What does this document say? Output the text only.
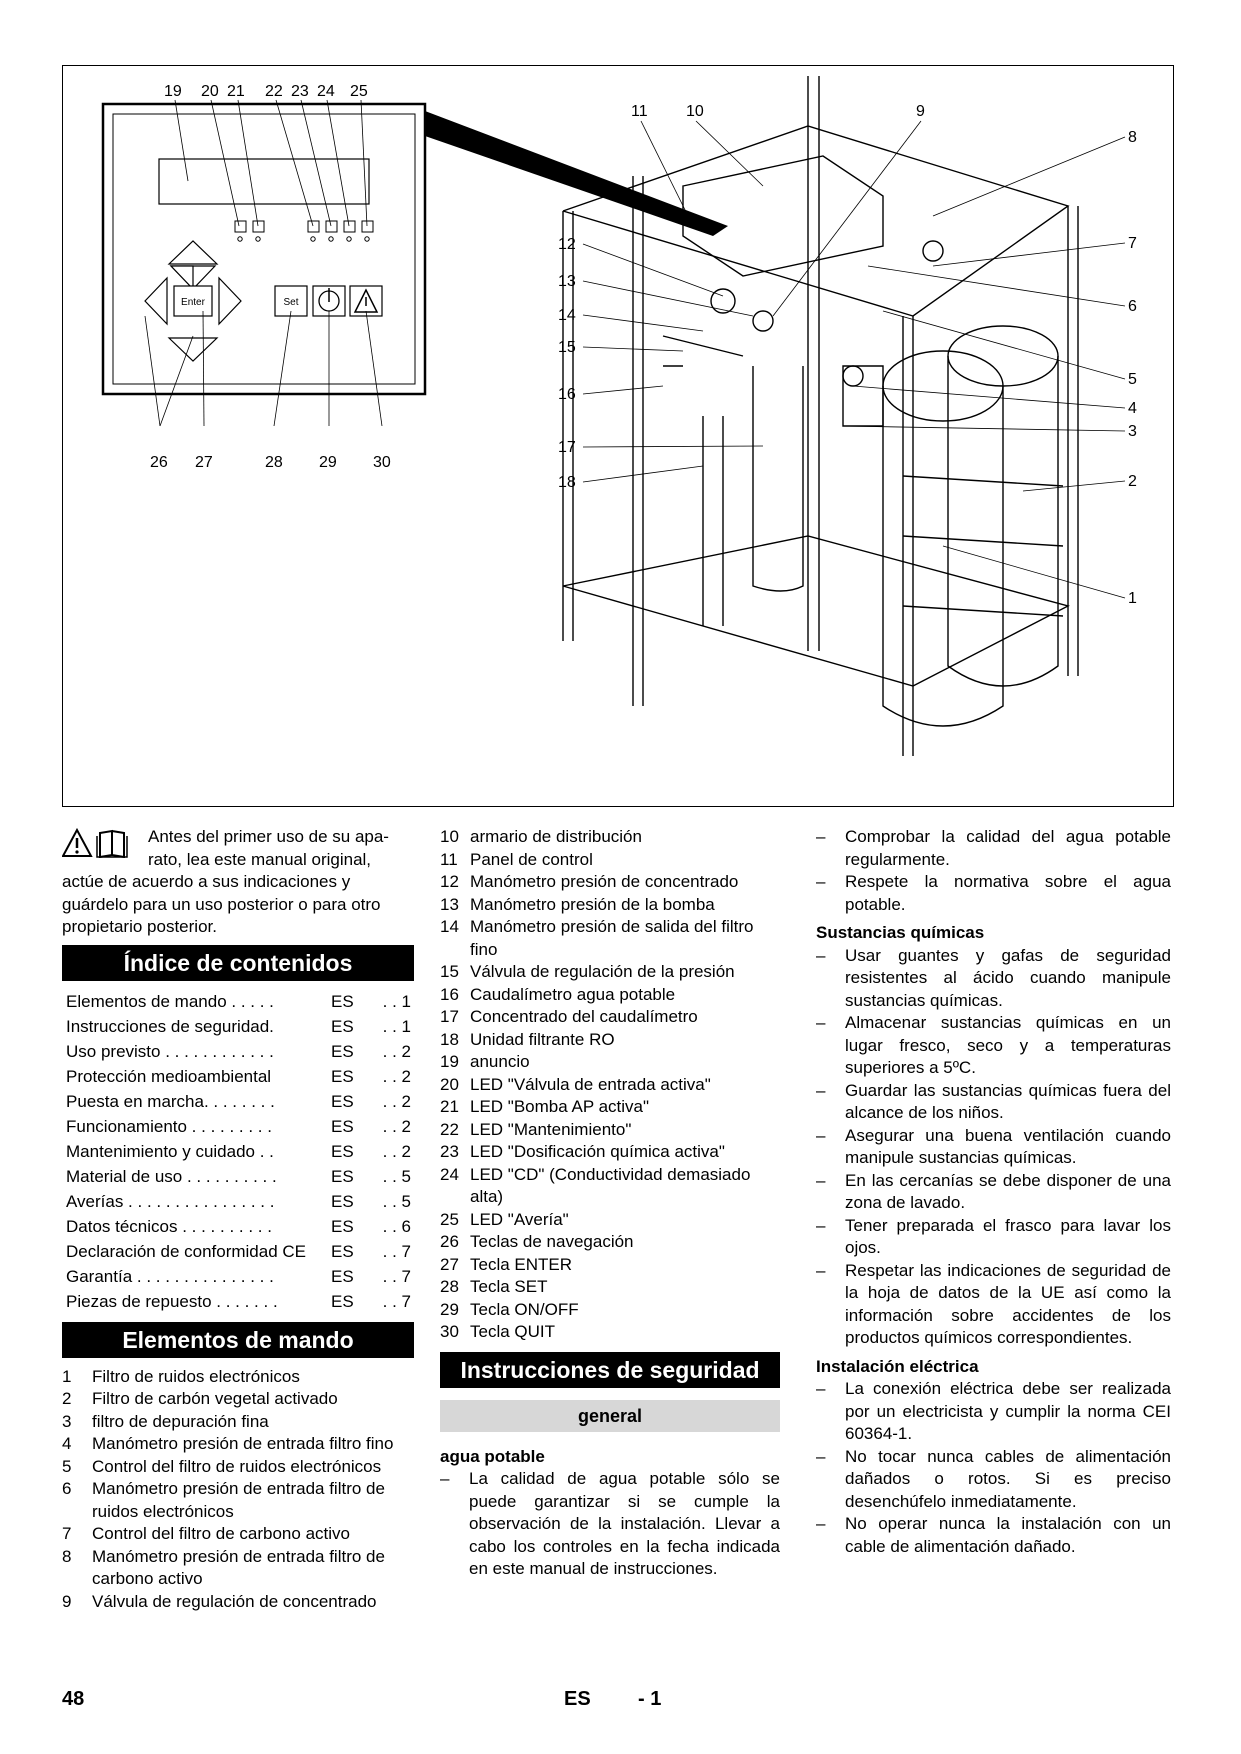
Enter	Set
19 20 21 22 23 24 25
26 27	28 29 30
1
2
3
4
5
6
7
8
9
10
11
12
13
14
15
16
17
18
Antes del primer uso de su apa-
rato, lea este manual original,
actúe de acuerdo a sus indicaciones y
guárdelo para un uso posterior o para otro
propietario posterior.
Índice de contenidos
Elementos de mando . . . . .	ES	. . 1
Instrucciones de seguridad.	ES	. . 1
Uso previsto . . . . . . . . . . . .	ES	. . 2
Protección medioambiental	ES	. . 2
Puesta en marcha. . . . . . . .	ES	. . 2
Funcionamiento . . . . . . . . .	ES	. . 2
Mantenimiento y cuidado . .	ES	. . 2
Material de uso . . . . . . . . . .	ES	. . 5
Averías . . . . . . . . . . . . . . . .	ES	. . 5
Datos técnicos . . . . . . . . . .	ES	. . 6
Declaración de conformidad CE	ES	. . 7
Garantía . . . . . . . . . . . . . . .	ES	. . 7
Piezas de repuesto . . . . . . .	ES	. . 7
Elementos de mando
1	Filtro de ruidos electrónicos
2	Filtro de carbón vegetal activado
3	filtro de depuración fina
4	Manómetro presión de entrada filtro fino
5	Control del filtro de ruidos electrónicos
6	Manómetro presión de entrada filtro de ruidos electrónicos
7	Control del filtro de carbono activo
8	Manómetro presión de entrada filtro de carbono activo
9	Válvula de regulación de concentrado
10 armario de distribución
11 Panel de control
12 Manómetro presión de concentrado
13 Manómetro presión de la bomba
14 Manómetro presión de salida del filtro fino
15 Válvula de regulación de la presión
16 Caudalímetro agua potable
17 Concentrado del caudalímetro
18 Unidad filtrante RO
19 anuncio
20 LED "Válvula de entrada activa"
21 LED "Bomba AP activa"
22 LED "Mantenimiento"
23 LED "Dosificación química activa"
24 LED "CD" (Conductividad demasiado alta)
25 LED "Avería"
26 Teclas de navegación
27 Tecla ENTER
28 Tecla SET
29 Tecla ON/OFF
30 Tecla QUIT
Instrucciones de seguridad
general
agua potable
–	La calidad de agua potable sólo se puede garantizar si se cumple la observación de la instalación. Llevar a cabo los controles en la fecha indicada en este manual de instrucciones.
–	Comprobar la calidad del agua potable regularmente.
–	Respete la normativa sobre el agua potable.
Sustancias químicas
–	Usar guantes y gafas de seguridad resistentes al ácido cuando manipule sustancias químicas.
–	Almacenar sustancias químicas en un lugar fresco, seco y a temperaturas superiores a 5ºC.
–	Guardar las sustancias químicas fuera del alcance de los niños.
–	Asegurar una buena ventilación cuando manipule sustancias químicas.
–	En las cercanías se debe disponer de una zona de lavado.
–	Tener preparada el frasco para lavar los ojos.
–	Respetar las indicaciones de seguridad de la hoja de datos de la UE así como la información sobre accidentes de los productos químicos correspondientes.
Instalación eléctrica
–	La conexión eléctrica debe ser realizada por un electricista y cumplir la norma CEI 60364-1.
–	No tocar nunca cables de alimentación dañados o rotos. Si es preciso desenchúfelo inmediatamente.
–	No operar nunca la instalación con un cable de alimentación dañado.
48	ES - 1
